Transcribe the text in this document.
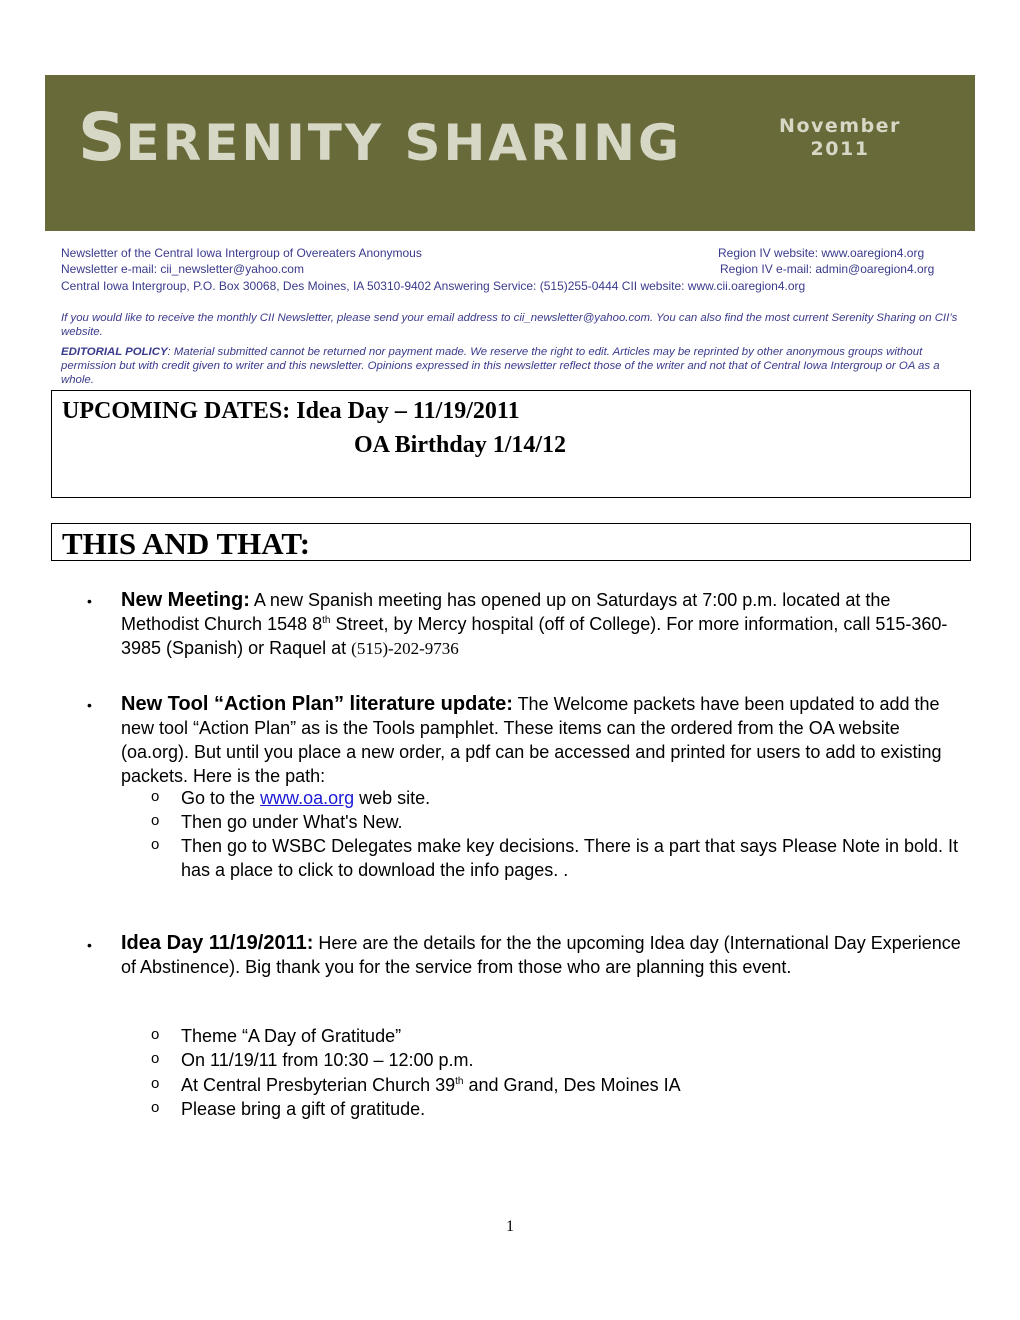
SERENITY SHARING	November
2011
Newsletter of the Central Iowa Intergroup of Overeaters Anonymous	Region IV website: www.oaregion4.org
Newsletter e-mail: cii_newsletter@yahoo.com	Region IV e-mail: admin@oaregion4.org
Central Iowa Intergroup, P.O. Box 30068, Des Moines, IA 50310-9402 Answering Service: (515)255-0444 CII website: www.cii.oaregion4.org
If you would like to receive the monthly CII Newsletter, please send your email address to cii_newsletter@yahoo.com. You can also find the most current Serenity Sharing on CII’s website.
EDITORIAL POLICY: Material submitted cannot be returned nor payment made. We reserve the right to edit. Articles may be reprinted by other anonymous groups without permission but with credit given to writer and this newsletter. Opinions expressed in this newsletter reflect those of the writer and not that of Central Iowa Intergroup or OA as a whole.
UPCOMING DATES: Idea Day – 11/19/2011
OA Birthday 1/14/12
THIS AND THAT:
• New Meeting: A new Spanish meeting has opened up on Saturdays at 7:00 p.m. located at the Methodist Church 1548 8th Street, by Mercy hospital (off of College). For more information, call 515-360-3985 (Spanish) or Raquel at (515)-202-9736
• New Tool “Action Plan” literature update: The Welcome packets have been updated to add the new tool “Action Plan” as is the Tools pamphlet. These items can the ordered from the OA website (oa.org). But until you place a new order, a pdf can be accessed and printed for users to add to existing packets. Here is the path:
o Go to the www.oa.org web site.
o Then go under What's New.
o Then go to WSBC Delegates make key decisions. There is a part that says Please Note in bold. It has a place to click to download the info pages. .
• Idea Day 11/19/2011: Here are the details for the the upcoming Idea day (International Day Experience of Abstinence). Big thank you for the service from those who are planning this event.
o Theme “A Day of Gratitude”
o On 11/19/11 from 10:30 – 12:00 p.m.
o At Central Presbyterian Church 39th and Grand, Des Moines IA
o Please bring a gift of gratitude.
1
